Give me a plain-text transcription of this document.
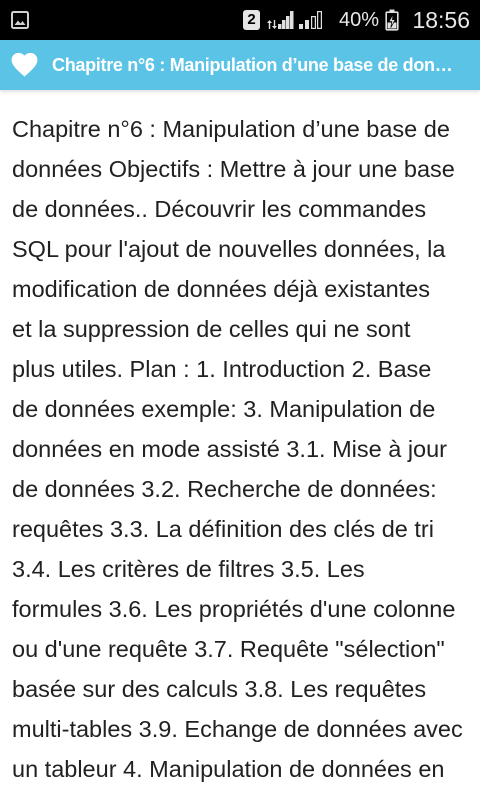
2	40% 18:56
Chapitre n°6 : Manipulation d’une base de don…
Chapitre n°6 : Manipulation d’une base de
données Objectifs : Mettre à jour une base
de données.. Découvrir les commandes
SQL pour l'ajout de nouvelles données, la
modification de données déjà existantes
et la suppression de celles qui ne sont
plus utiles. Plan : 1. Introduction 2. Base
de données exemple: 3. Manipulation de
données en mode assisté 3.1. Mise à jour
de données 3.2. Recherche de données:
requêtes 3.3. La définition des clés de tri
3.4. Les critères de filtres 3.5. Les
formules 3.6. Les propriétés d'une colonne
ou d'une requête 3.7. Requête "sélection"
basée sur des calculs 3.8. Les requêtes
multi-tables 3.9. Echange de données avec
un tableur 4. Manipulation de données en
